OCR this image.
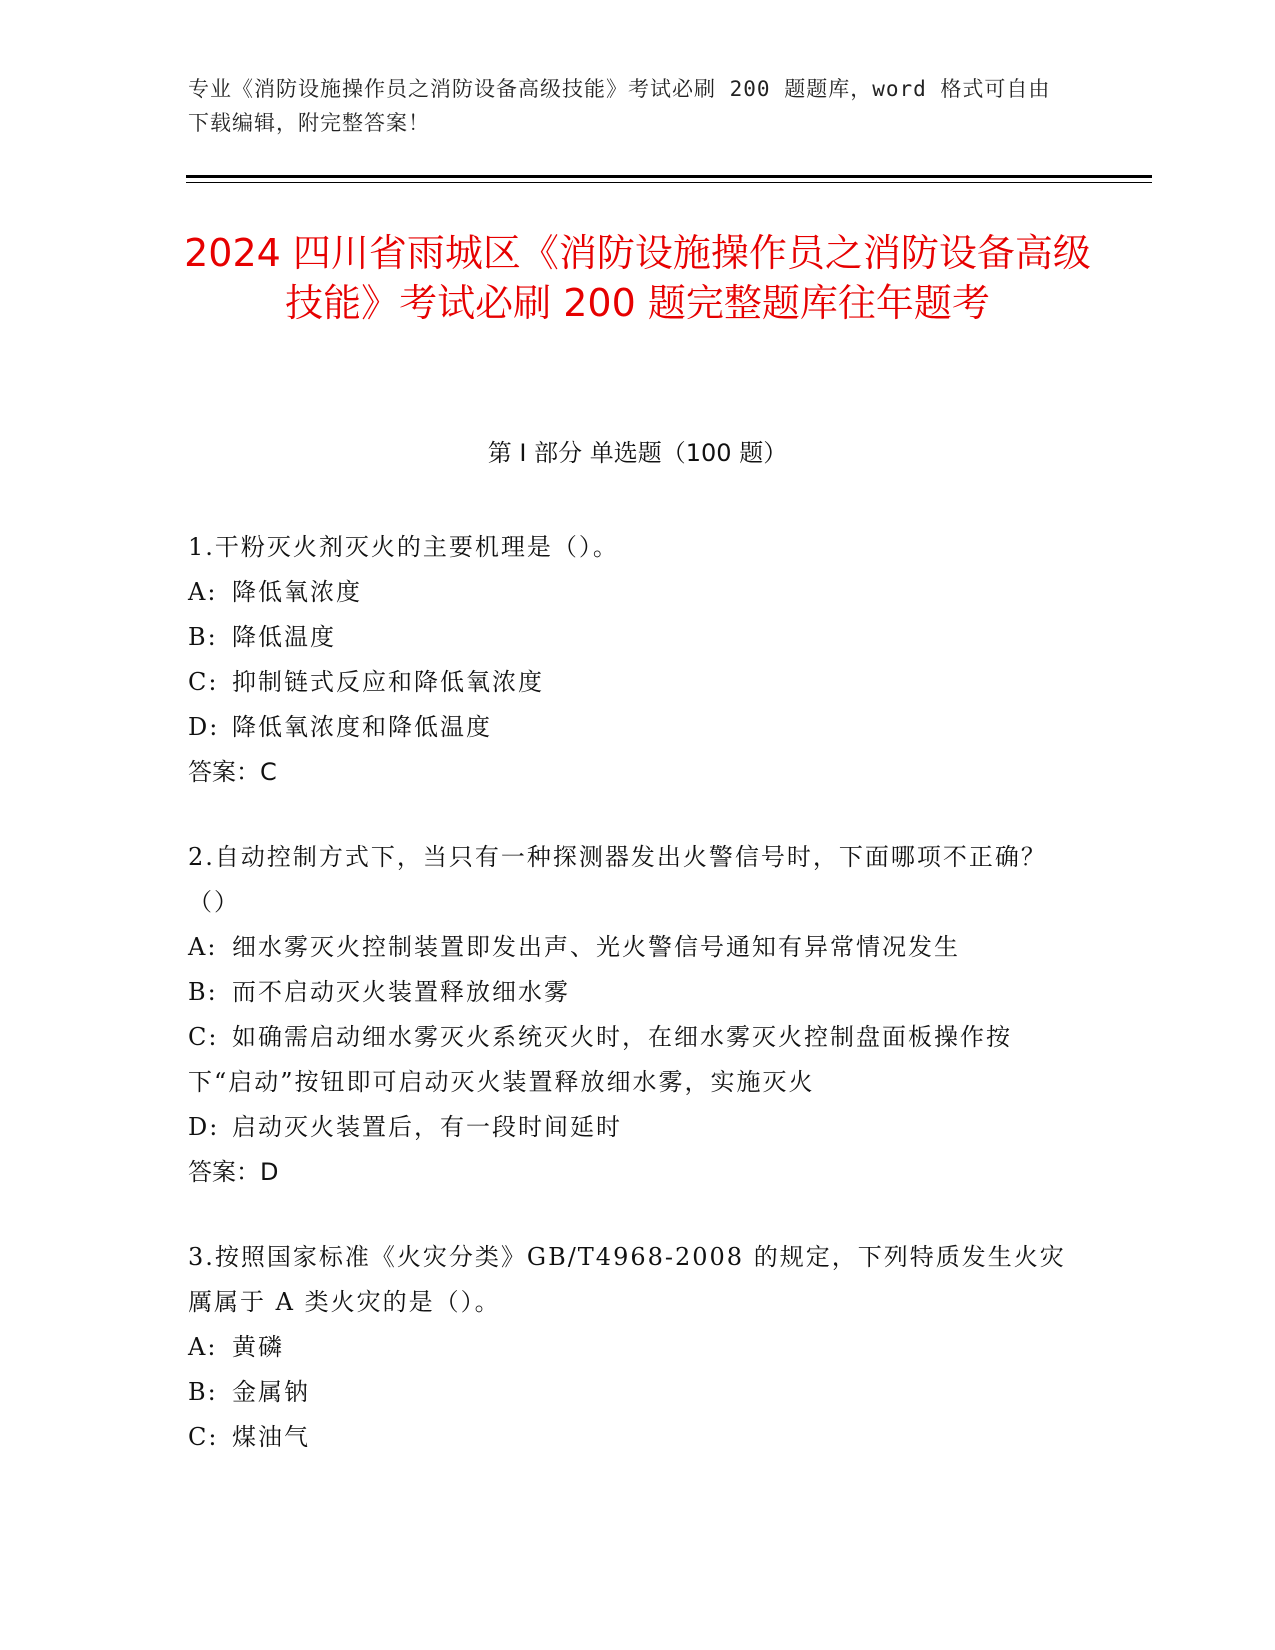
专业《消防设施操作员之消防设备高级技能》考试必刷 200 题题库，word 格式可自由下载编辑，附完整答案！
2024 四川省雨城区《消防设施操作员之消防设备高级技能》考试必刷 200 题完整题库往年题考
第 I 部分 单选题（100 题）
1.干粉灭火剂灭火的主要机理是（）。
A: 降低氧浓度
B: 降低温度
C: 抑制链式反应和降低氧浓度
D: 降低氧浓度和降低温度
答案：C
2.自动控制方式下，当只有一种探测器发出火警信号时，下面哪项不正确？（）
A: 细水雾灭火控制装置即发出声、光火警信号通知有异常情况发生
B: 而不启动灭火装置释放细水雾
C: 如确需启动细水雾灭火系统灭火时，在细水雾灭火控制盘面板操作按下“启动”按钮即可启动灭火装置释放细水雾，实施灭火
D: 启动灭火装置后，有一段时间延时
答案：D
3.按照国家标准《火灾分类》GB/T4968-2008 的规定，下列特质发生火灾厲属于 A 类火灾的是（）。
A: 黄磷
B: 金属钠
C: 煤油气
